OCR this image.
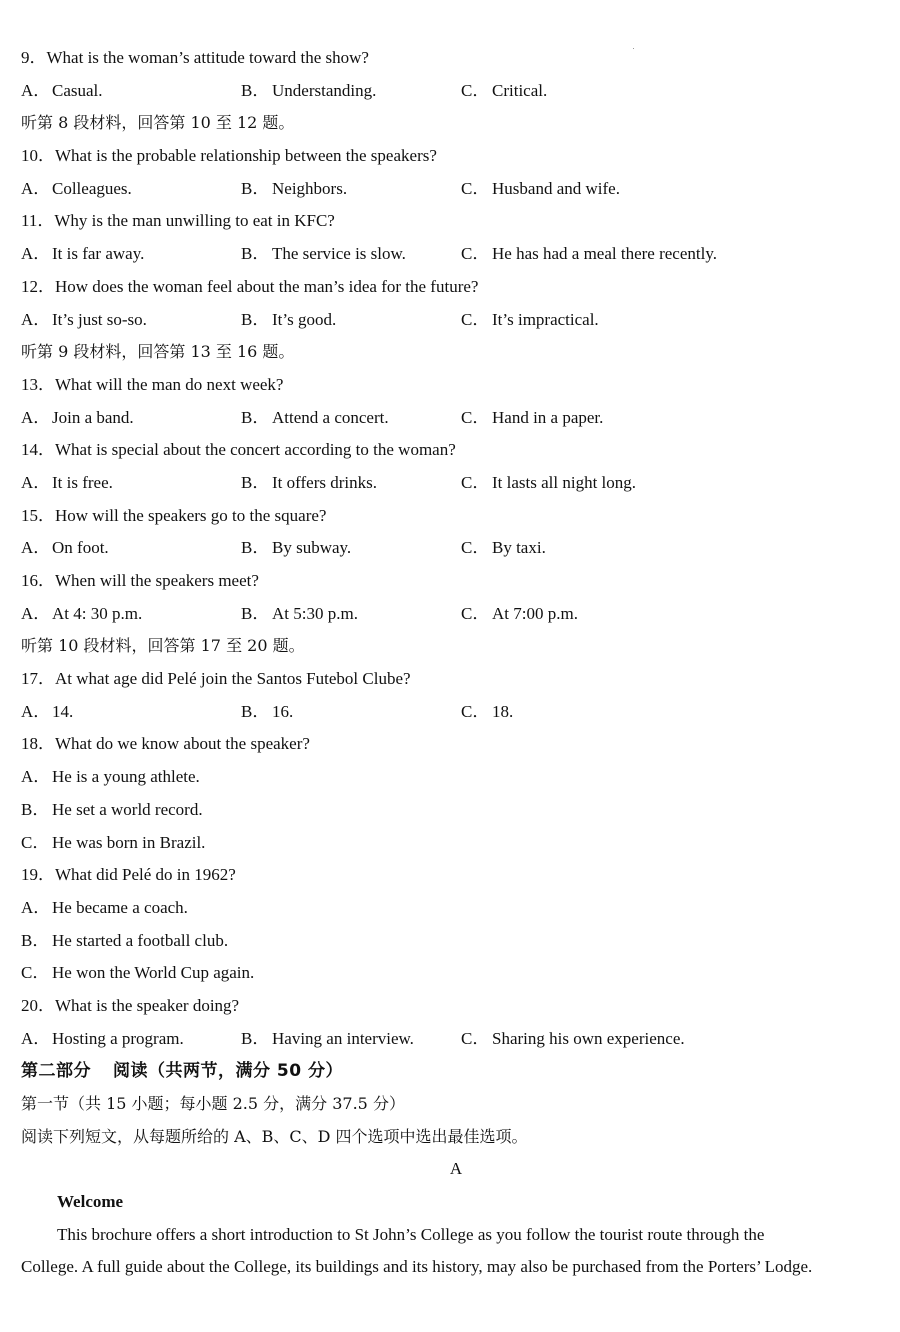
9．What is the woman’s attitude toward the show?
A． Casual.	B． Understanding.	C． Critical.
听第 8 段材料，回答第 10 至 12 题。
10．What is the probable relationship between the speakers?
A． Colleagues.	B． Neighbors.	C． Husband and wife.
11．Why is the man unwilling to eat in KFC?
A． It is far away.	B． The service is slow.	C． He has had a meal there recently.
12．How does the woman feel about the man’s idea for the future?
A． It’s just so-so.	B． It’s good.	C． It’s impractical.
听第 9 段材料，回答第 13 至 16 题。
13．What will the man do next week?
A． Join a band.	B． Attend a concert.	C． Hand in a paper.
14．What is special about the concert according to the woman?
A． It is free.	B． It offers drinks.	C． It lasts all night long.
15．How will the speakers go to the square?
A． On foot.	B． By subway.	C． By taxi.
16．When will the speakers meet?
A． At 4: 30 p.m.	B． At 5:30 p.m.	C． At 7:00 p.m.
听第 10 段材料，回答第 17 至 20 题。
17．At what age did Pelé join the Santos Futebol Clube?
A． 14.	B． 16.	C． 18.
18．What do we know about the speaker?
A． He is a young athlete.
B． He set a world record.
C． He was born in Brazil.
19．What did Pelé do in 1962?
A． He became a coach.
B． He started a football club.
C． He won the World Cup again.
20．What is the speaker doing?
A． Hosting a program.	B． Having an interview.	C． Sharing his own experience.
第二部分 阅读（共两节，满分 50 分）
第一节（共 15 小题；每小题 2.5 分，满分 37.5 分）
阅读下列短文，从每题所给的 A、B、C、D 四个选项中选出最佳选项。
A
Welcome
This brochure offers a short introduction to St John’s College as you follow the tourist route through the
College. A full guide about the College, its buildings and its history, may also be purchased from the Porters’ Lodge.
